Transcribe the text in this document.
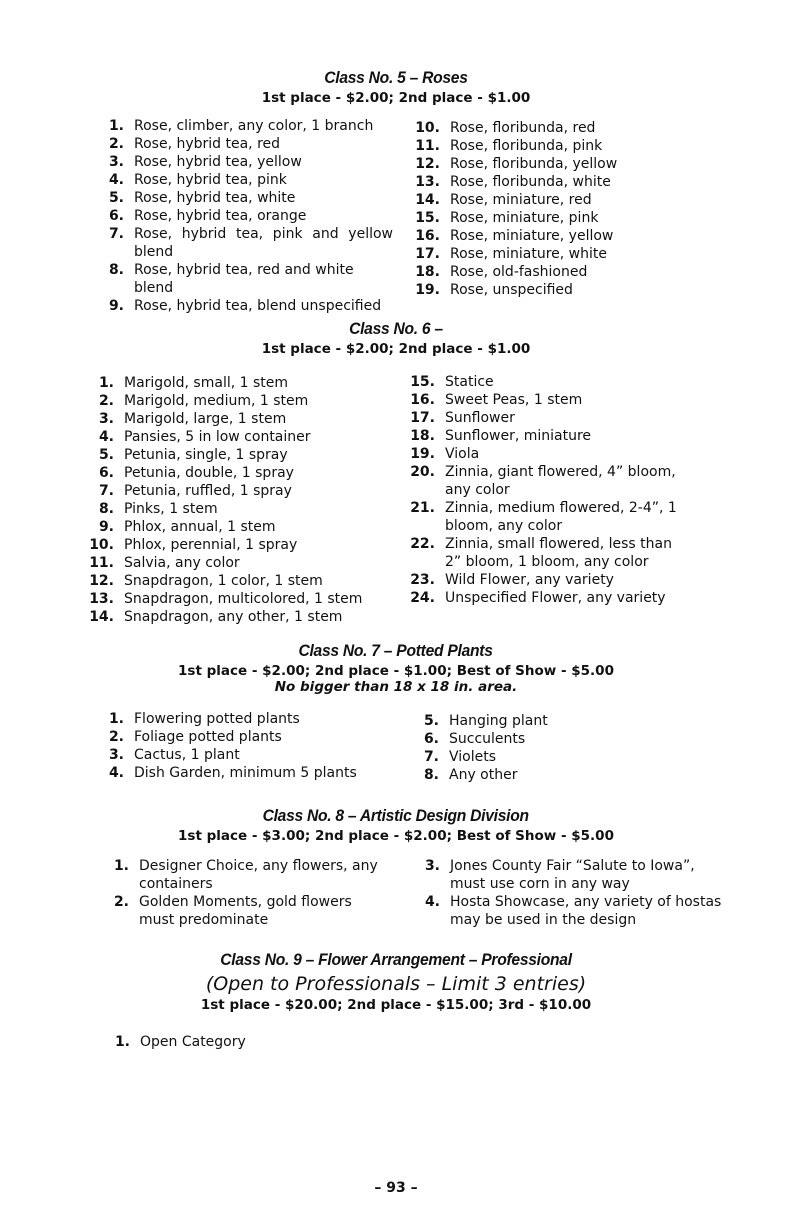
Class No. 5 – Roses
1st place - $2.00; 2nd place - $1.00
1. Rose, climber, any color, 1 branch
2. Rose, hybrid tea, red
3. Rose, hybrid tea, yellow
4. Rose, hybrid tea, pink
5. Rose, hybrid tea, white
6. Rose, hybrid tea, orange
7. Rose, hybrid tea, pink and yellow blend
8. Rose, hybrid tea, red and white blend
9. Rose, hybrid tea, blend unspecified
10. Rose, floribunda, red
11. Rose, floribunda, pink
12. Rose, floribunda, yellow
13. Rose, floribunda, white
14. Rose, miniature, red
15. Rose, miniature, pink
16. Rose, miniature, yellow
17. Rose, miniature, white
18. Rose, old-fashioned
19. Rose, unspecified
Class No. 6 –
1st place - $2.00; 2nd place - $1.00
1. Marigold, small, 1 stem
2. Marigold, medium, 1 stem
3. Marigold, large, 1 stem
4. Pansies, 5 in low container
5. Petunia, single, 1 spray
6. Petunia, double, 1 spray
7. Petunia, ruffled, 1 spray
8. Pinks, 1 stem
9. Phlox, annual, 1 stem
10. Phlox, perennial, 1 spray
11. Salvia, any color
12. Snapdragon, 1 color, 1 stem
13. Snapdragon, multicolored, 1 stem
14. Snapdragon, any other, 1 stem
15. Statice
16. Sweet Peas, 1 stem
17. Sunflower
18. Sunflower, miniature
19. Viola
20. Zinnia, giant flowered, 4” bloom, any color
21. Zinnia, medium flowered, 2-4”, 1 bloom, any color
22. Zinnia, small flowered, less than 2” bloom, 1 bloom, any color
23. Wild Flower, any variety
24. Unspecified Flower, any variety
Class No. 7 – Potted Plants
1st place - $2.00; 2nd place - $1.00; Best of Show - $5.00
No bigger than 18 x 18 in. area.
1. Flowering potted plants
2. Foliage potted plants
3. Cactus, 1 plant
4. Dish Garden, minimum 5 plants
5. Hanging plant
6. Succulents
7. Violets
8. Any other
Class No. 8 – Artistic Design Division
1st place - $3.00; 2nd place - $2.00; Best of Show - $5.00
1. Designer Choice, any flowers, any containers
2. Golden Moments, gold flowers must predominate
3. Jones County Fair “Salute to Iowa”, must use corn in any way
4. Hosta Showcase, any variety of hostas may be used in the design
Class No. 9 – Flower Arrangement – Professional
(Open to Professionals – Limit 3 entries)
1st place - $20.00; 2nd place - $15.00; 3rd - $10.00
1. Open Category
– 93 –
